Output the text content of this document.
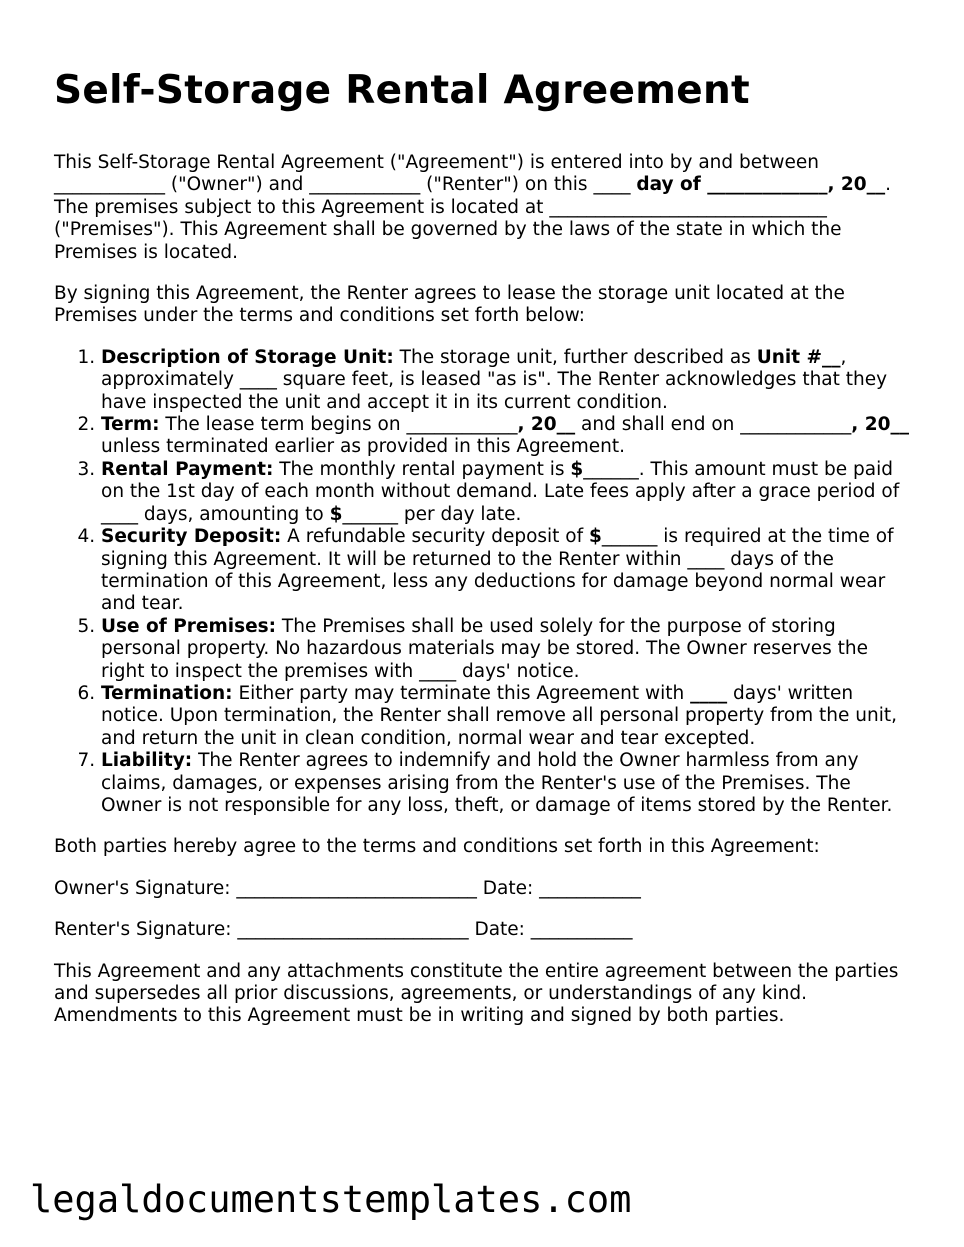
Self-Storage Rental Agreement

This Self-Storage Rental Agreement ("Agreement") is entered into by and between ____________ ("Owner") and ____________ ("Renter") on this ____ day of _____________, 20__. The premises subject to this Agreement is located at ______________________________ ("Premises"). This Agreement shall be governed by the laws of the state in which the Premises is located.

By signing this Agreement, the Renter agrees to lease the storage unit located at the Premises under the terms and conditions set forth below:

1. Description of Storage Unit: The storage unit, further described as Unit #__, approximately ____ square feet, is leased "as is". The Renter acknowledges that they have inspected the unit and accept it in its current condition.
2. Term: The lease term begins on ____________, 20__ and shall end on ____________, 20__ unless terminated earlier as provided in this Agreement.
3. Rental Payment: The monthly rental payment is $______. This amount must be paid on the 1st day of each month without demand. Late fees apply after a grace period of ____ days, amounting to $______ per day late.
4. Security Deposit: A refundable security deposit of $______ is required at the time of signing this Agreement. It will be returned to the Renter within ____ days of the termination of this Agreement, less any deductions for damage beyond normal wear and tear.
5. Use of Premises: The Premises shall be used solely for the purpose of storing personal property. No hazardous materials may be stored. The Owner reserves the right to inspect the premises with ____ days' notice.
6. Termination: Either party may terminate this Agreement with ____ days' written notice. Upon termination, the Renter shall remove all personal property from the unit, and return the unit in clean condition, normal wear and tear excepted.
7. Liability: The Renter agrees to indemnify and hold the Owner harmless from any claims, damages, or expenses arising from the Renter's use of the Premises. The Owner is not responsible for any loss, theft, or damage of items stored by the Renter.

Both parties hereby agree to the terms and conditions set forth in this Agreement:

Owner's Signature: __________________________ Date: ___________

Renter's Signature: _________________________ Date: ___________

This Agreement and any attachments constitute the entire agreement between the parties and supersedes all prior discussions, agreements, or understandings of any kind. Amendments to this Agreement must be in writing and signed by both parties.

legaldocumentstemplates.com
